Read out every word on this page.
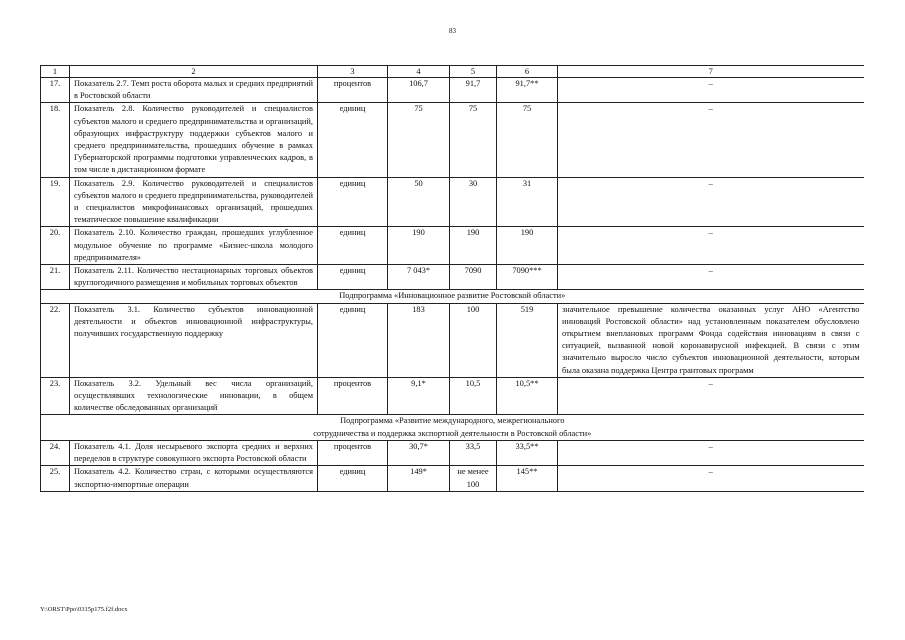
83
1	2	3	4	5	6	7
17.	Показатель 2.7. Темп роста оборота малых и средних предприятий в Ростовской области	процентов	106,7	91,7	91,7**	–
18.	Показатель 2.8. Количество руководителей и специалистов субъектов малого и среднего предпринимательства и организаций, образующих инфраструктуру поддержки субъектов малого и среднего предпринимательства, прошедших обучение в рамках Губернаторской программы подготовки управленческих кадров, в том числе в дистанционном формате	единиц	75	75	75	–
19.	Показатель 2.9. Количество руководителей и специалистов субъектов малого и среднего предпринимательства, руководителей и специалистов микрофинансовых организаций, прошедших тематическое повышение квалификации	единиц	50	30	31	–
20.	Показатель 2.10. Количество граждан, прошедших углубленное модульное обучение по программе «Бизнес-школа молодого предпринимателя»	единиц	190	190	190	–
21.	Показатель 2.11. Количество нестационарных торговых объектов круглогодичного размещения и мобильных торговых объектов	единиц	7 043*	7090	7090***	–

Подпрограмма «Инновационное развитие Ростовской области»						

22.	Показатель 3.1. Количество субъектов инновационной деятельности и объектов инновационной инфраструктуры, получивших государственную поддержку	единиц	183	100	519	значительное превышение количества оказанных услуг АНО «Агентство инноваций Ростовской области» над установленным показателем обусловлено открытием внеплановых программ Фонда содействия инновациям в связи с ситуацией, вызванной новой коронавирусной инфекцией. В связи с этим значительно выросло число субъектов инновационной деятельности, которым была оказана поддержка Центра грантовых программ
23.	Показатель 3.2. Удельный вес числа организаций, осуществлявших технологические инновации, в общем количестве обследованных организаций	процентов	9,1*	10,5	10,5**	–

Подпрограмма «Развитие международного, межрегионального
сотрудничества и поддержка экспортной деятельности в Ростовской области»						

24.	Показатель 4.1. Доля несырьевого экспорта средних и верхних переделов в структуре совокупного экспорта Ростовской области	процентов	30,7*	33,5	33,5**	–
25.	Показатель 4.2. Количество стран, с которыми осуществляются экспортно-импортные операции	единиц	149*	не менее 100	145**	–
Y:\ORST\Ppo\0315p175.f2f.docx
